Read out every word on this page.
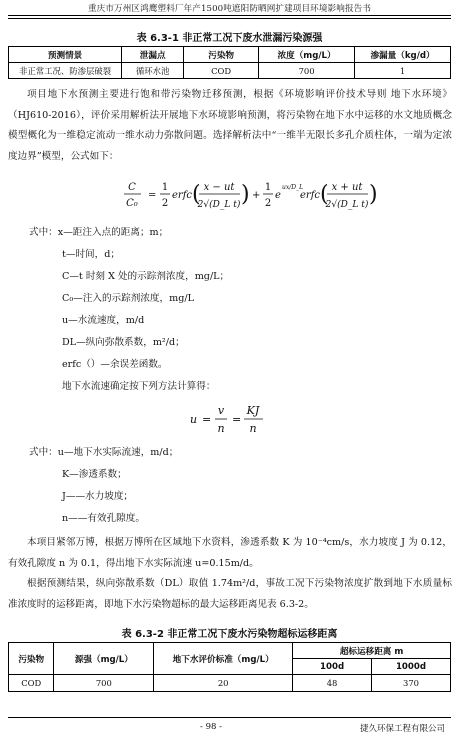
重庆市万州区鸿鹰塑料厂年产1500吨遮阳防晒网扩建项目环境影响报告书
表 6.3-1 非正常工况下废水泄漏污染源强
预测情景	泄漏点	污染物	浓度（mg/L）	渗漏量（kg/d）
非正常工况、防渗层破裂	循环水池	COD	700	1
项目地下水预测主要进行饱和带污染物迁移预测，根据《环境影响评价技术导则 地下水环境》（HJ610-2016），评价采用解析法开展地下水环境影响预测，将污染物在地下水中运移的水文地质概念模型概化为一维稳定流动一维水动力弥散问题。选择解析法中“一维半无限长多孔介质柱体，一端为定浓度边界”模型，公式如下：
C
C₀
=
1
2
erfc ( x − ut
2√(D_L t) ) +
1
2
e
ux/D_L
erfc ( x + ut
2√(D_L t) )
式中：x—距注入点的距离；m；
t—时间，d；
C—t 时刻 X 处的示踪剂浓度，mg/L；
C₀—注入的示踪剂浓度，mg/L
u—水流速度，m/d
DL—纵向弥散系数，m²/d；
erfc（）—余误差函数。
地下水流速确定按下列方法计算得：
u =
v
n
=
KJ
n
式中：u—地下水实际流速，m/d；
K—渗透系数；
J——水力坡度；
n——有效孔隙度。
本项目紧邻万博，根据万博所在区域地下水资料，渗透系数 K 为 10⁻⁴cm/s，水力坡度 J 为 0.12，有效孔隙度 n 为 0.1，得出地下水实际流速 u=0.15m/d。
根据预测结果，纵向弥散系数（DL）取值 1.74m²/d，事故工况下污染物浓度扩散到地下水质量标准浓度时的运移距离，即地下水污染物超标的最大运移距离见表 6.3-2。
表 6.3-2 非正常工况下废水污染物超标运移距离
污染物	源强（mg/L）	地下水评价标准（mg/L）	超标运移距离 m	
			100d	1000d
COD	700	20	48	370
- 98 -	捷久环保工程有限公司
